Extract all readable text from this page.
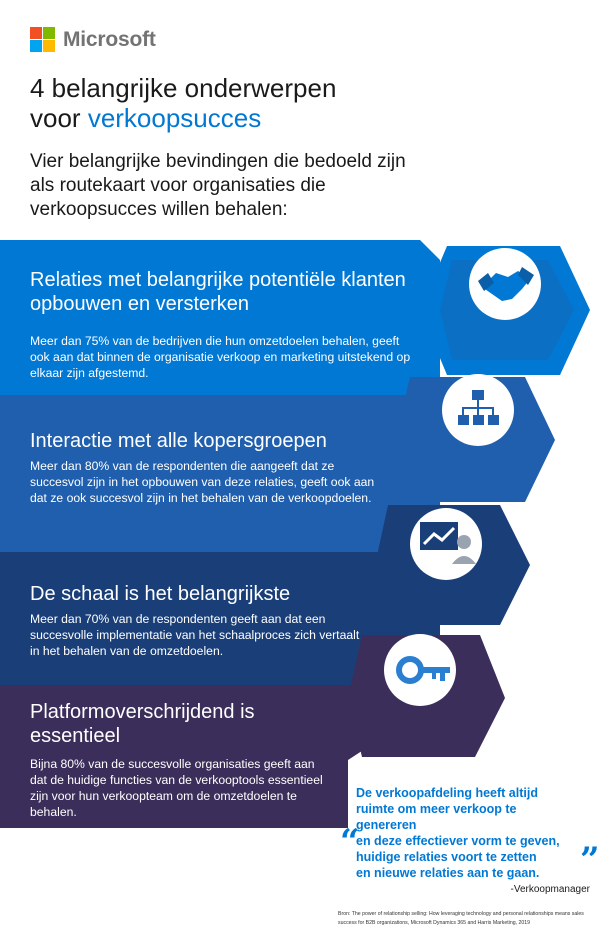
Microsoft
4 belangrijke onderwerpen
voor verkoopsucces
Vier belangrijke bevindingen die bedoeld zijn als routekaart voor organisaties die verkoopsucces willen behalen:
Relaties met belangrijke potentiële klanten opbouwen en versterken
Meer dan 75% van de bedrijven die hun omzetdoelen behalen, geeft ook aan dat binnen de organisatie verkoop en marketing uitstekend op elkaar zijn afgestemd.
Interactie met alle kopersgroepen
Meer dan 80% van de respondenten die aangeeft dat ze succesvol zijn in het opbouwen van deze relaties, geeft ook aan dat ze ook succesvol zijn in het behalen van de verkoopdoelen.
De schaal is het belangrijkste
Meer dan 70% van de respondenten geeft aan dat een succesvolle implementatie van het schaalproces zich vertaalt in het behalen van de omzetdoelen.
Platformoverschrijdend is essentieel
Bijna 80% van de succesvolle organisaties geeft aan dat de huidige functies van de verkooptools essentieel zijn voor hun verkoopteam om de omzetdoelen te behalen.
“
De verkoopafdeling heeft altijd
ruimte om meer verkoop te
genereren
en deze effectiever vorm te geven,
huidige relaties voort te zetten
en nieuwe relaties aan te gaan.	”
-Verkoopmanager
Bron: The power of relationship selling: How leveraging technology and personal relationships means sales success for B2B organizations, Microsoft Dynamics 365 and Harris Marketing, 2019
